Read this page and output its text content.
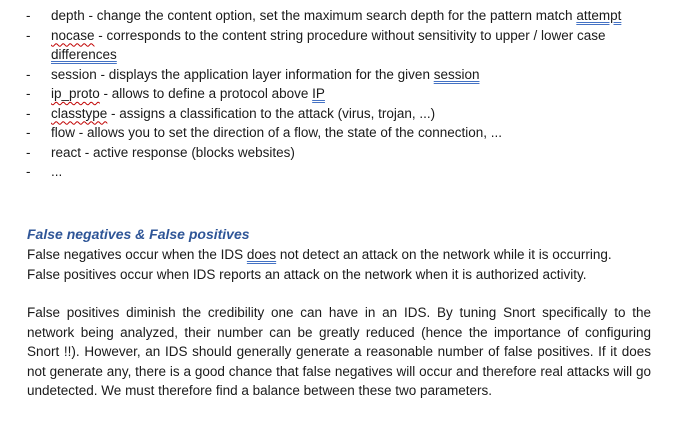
-	depth - change the content option, set the maximum search depth for the pattern match attempt
-	nocase - corresponds to the content string procedure without sensitivity to upper / lower case differences
-	session - displays the application layer information for the given session
-	ip_proto - allows to define a protocol above IP
-	classtype - assigns a classification to the attack (virus, trojan, ...)
-	flow - allows you to set the direction of a flow, the state of the connection, ...
-	react - active response (blocks websites)
-	...
False negatives & False positives
False negatives occur when the IDS does not detect an attack on the network while it is occurring.
False positives occur when IDS reports an attack on the network when it is authorized activity.
False positives diminish the credibility one can have in an IDS. By tuning Snort specifically to the network being analyzed, their number can be greatly reduced (hence the importance of configuring Snort !!). However, an IDS should generally generate a reasonable number of false positives. If it does not generate any, there is a good chance that false negatives will occur and therefore real attacks will go undetected. We must therefore find a balance between these two parameters.
